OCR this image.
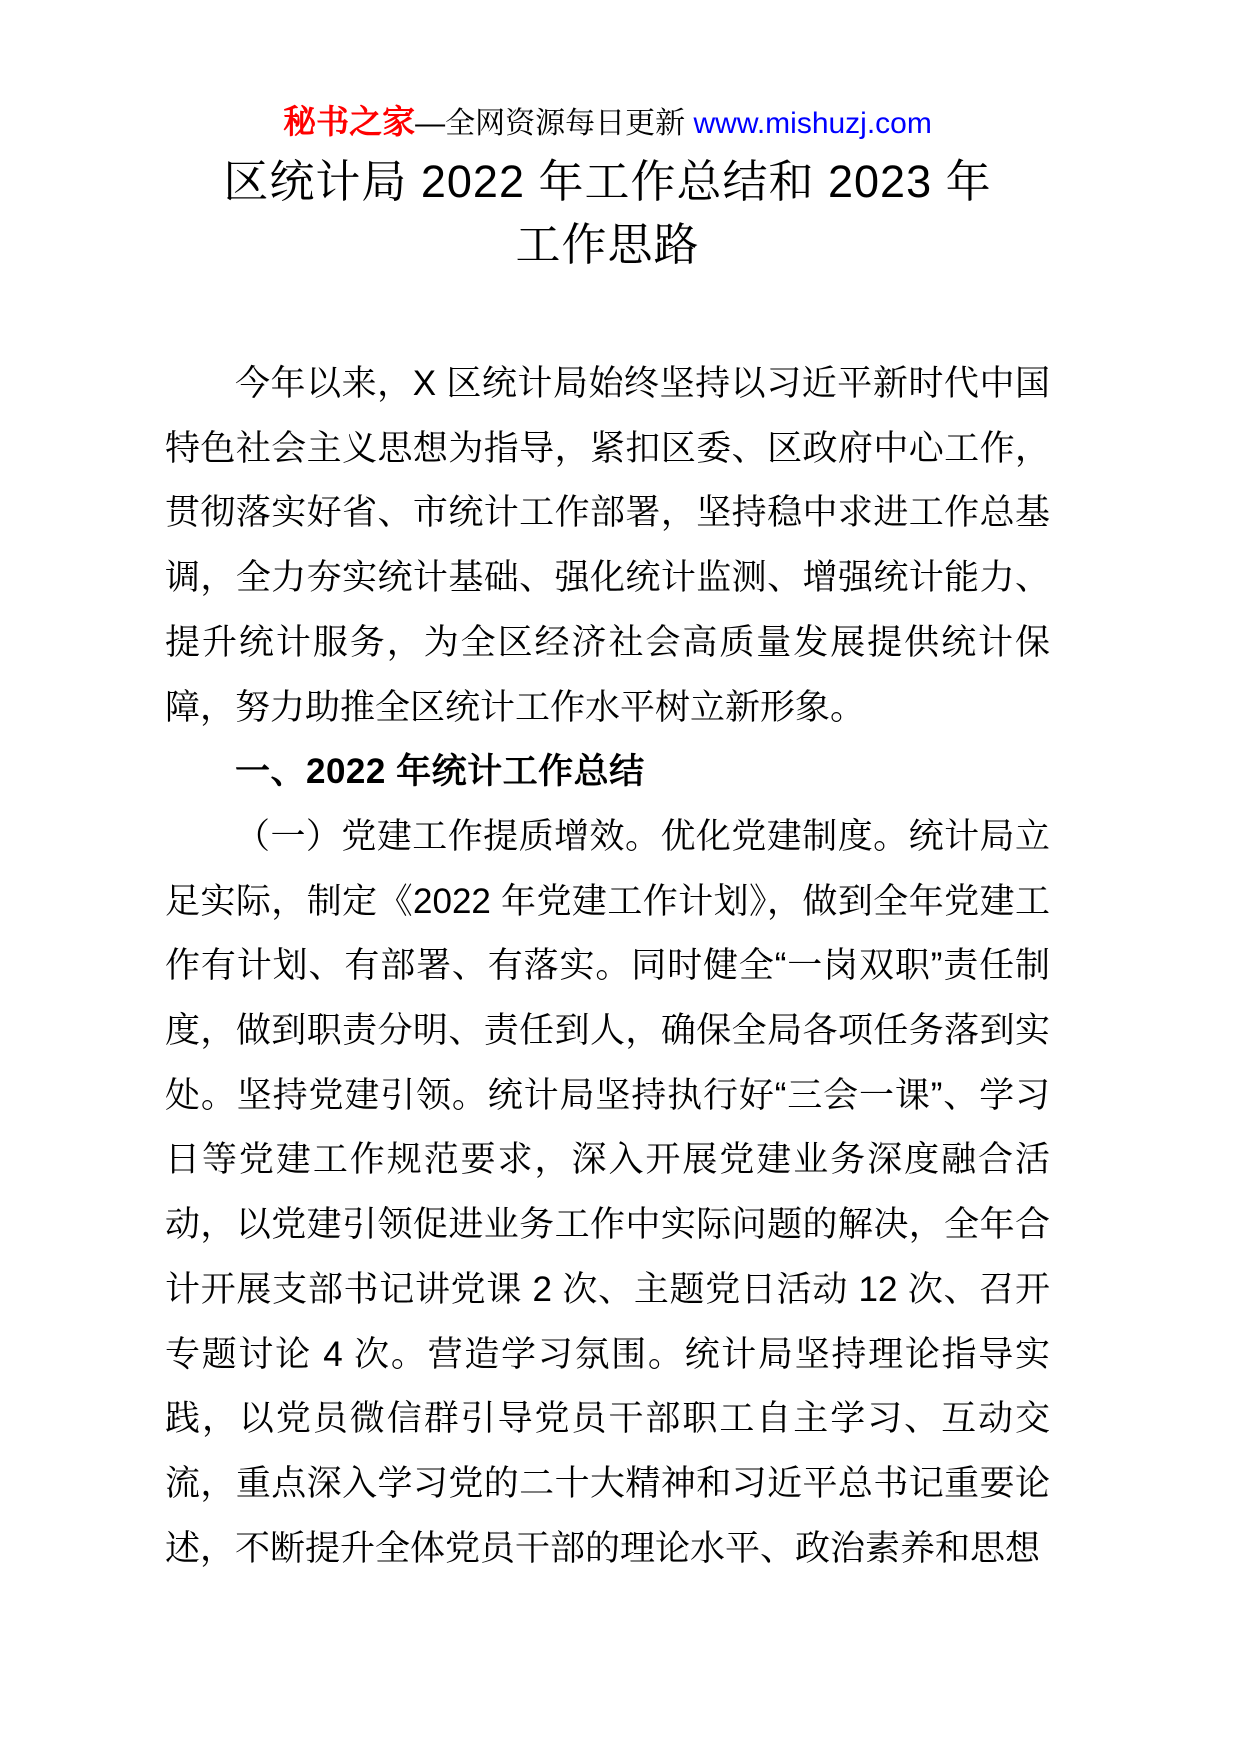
秘书之家—全网资源每日更新 www.mishuzj.com
区统计局 2022 年工作总结和 2023 年
工作思路

今年以来，X 区统计局始终坚持以习近平新时代中国特色社会主义思想为指导，紧扣区委、区政府中心工作，贯彻落实好省、市统计工作部署，坚持稳中求进工作总基调，全力夯实统计基础、强化统计监测、增强统计能力、提升统计服务，为全区经济社会高质量发展提供统计保障，努力助推全区统计工作水平树立新形象。

一、2022 年统计工作总结

（一）党建工作提质增效。优化党建制度。统计局立足实际，制定《2022 年党建工作计划》，做到全年党建工作有计划、有部署、有落实。同时健全“一岗双职”责任制度，做到职责分明、责任到人，确保全局各项任务落到实处。坚持党建引领。统计局坚持执行好“三会一课”、学习日等党建工作规范要求，深入开展党建业务深度融合活动，以党建引领促进业务工作中实际问题的解决，全年合计开展支部书记讲党课 2 次、主题党日活动 12 次、召开专题讨论 4 次。营造学习氛围。统计局坚持理论指导实践，以党员微信群引导党员干部职工自主学习、互动交流，重点深入学习党的二十大精神和习近平总书记重要论述，不断提升全体党员干部的理论水平、政治素养和思想
